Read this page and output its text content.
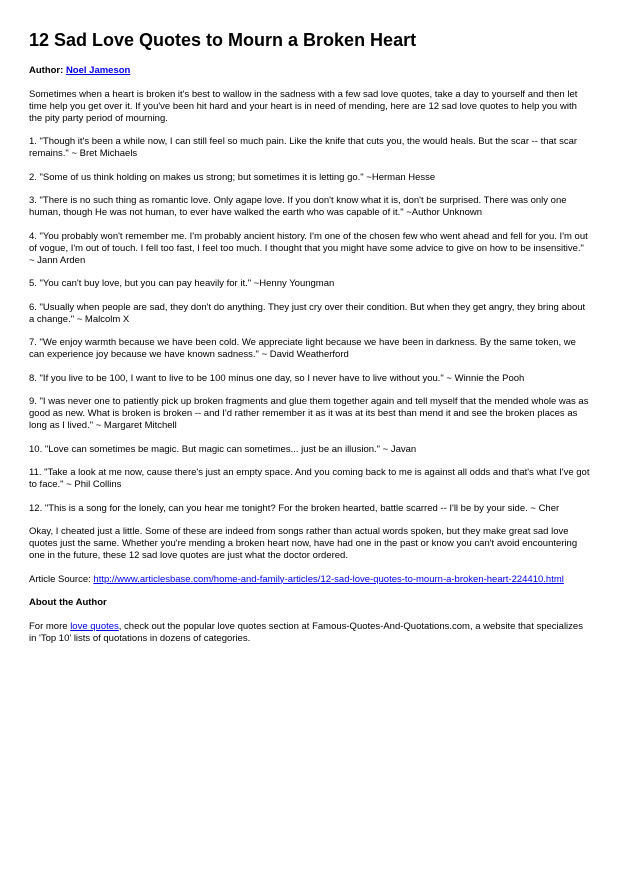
12 Sad Love Quotes to Mourn a Broken Heart

Author: Noel Jameson

Sometimes when a heart is broken it's best to wallow in the sadness with a few sad love quotes, take a day to yourself and then let time help you get over it. If you've been hit hard and your heart is in need of mending, here are 12 sad love quotes to help you with the pity party period of mourning.

1. "Though it's been a while now, I can still feel so much pain. Like the knife that cuts you, the would heals. But the scar -- that scar remains." ~ Bret Michaels

2. "Some of us think holding on makes us strong; but sometimes it is letting go." ~Herman Hesse

3. "There is no such thing as romantic love. Only agape love. If you don't know what it is, don't be surprised. There was only one human, though He was not human, to ever have walked the earth who was capable of it." ~Author Unknown

4. "You probably won't remember me. I'm probably ancient history. I'm one of the chosen few who went ahead and fell for you. I'm out of vogue, I'm out of touch. I fell too fast, I feel too much. I thought that you might have some advice to give on how to be insensitive." ~ Jann Arden

5. "You can't buy love, but you can pay heavily for it." ~Henny Youngman

6. "Usually when people are sad, they don't do anything. They just cry over their condition. But when they get angry, they bring about a change." ~ Malcolm X

7. "We enjoy warmth because we have been cold. We appreciate light because we have been in darkness. By the same token, we can experience joy because we have known sadness." ~ David Weatherford

8. "If you live to be 100, I want to live to be 100 minus one day, so I never have to live without you." ~ Winnie the Pooh

9. "I was never one to patiently pick up broken fragments and glue them together again and tell myself that the mended whole was as good as new. What is broken is broken -- and I'd rather remember it as it was at its best than mend it and see the broken places as long as I lived." ~ Margaret Mitchell

10. "Love can sometimes be magic. But magic can sometimes... just be an illusion." ~ Javan

11. "Take a look at me now, cause there's just an empty space. And you coming back to me is against all odds and that's what I've got to face." ~ Phil Collins

12. "This is a song for the lonely, can you hear me tonight? For the broken hearted, battle scarred -- I'll be by your side. ~ Cher

Okay, I cheated just a little. Some of these are indeed from songs rather than actual words spoken, but they make great sad love quotes just the same. Whether you're mending a broken heart now, have had one in the past or know you can't avoid encountering one in the future, these 12 sad love quotes are just what the doctor ordered.

Article Source: http://www.articlesbase.com/home-and-family-articles/12-sad-love-quotes-to-mourn-a-broken-heart-224410.html

About the Author

For more love quotes, check out the popular love quotes section at Famous-Quotes-And-Quotations.com, a website that specializes in 'Top 10' lists of quotations in dozens of categories.
